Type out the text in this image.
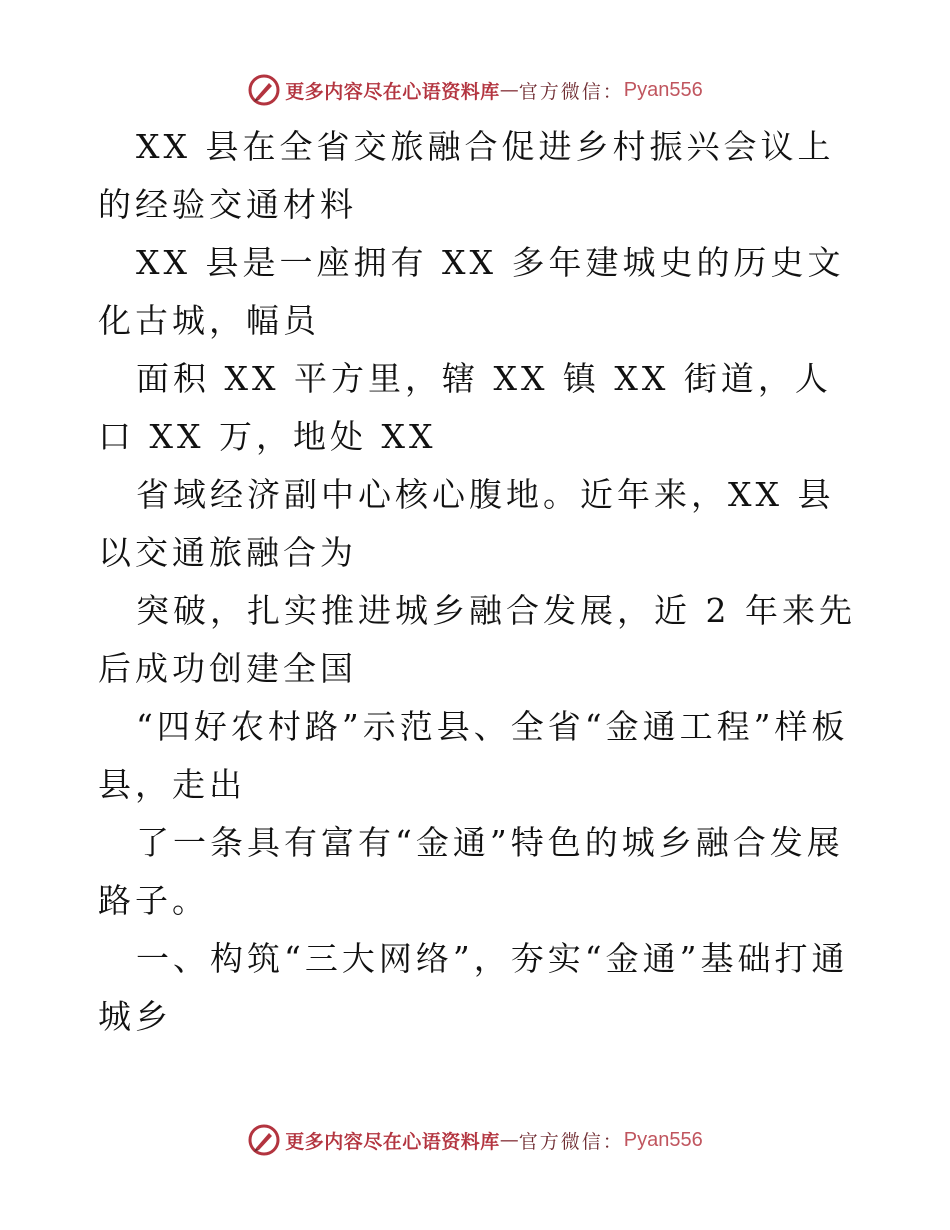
更多内容尽在心语资料库 — 官方微信： Pyan556

XX 县在全省交旅融合促进乡村振兴会议上的经验交通材料

XX 县是一座拥有 XX 多年建城史的历史文化古城，幅员

面积 XX 平方里，辖 XX 镇 XX 街道，人口 XX 万，地处 XX

省域经济副中心核心腹地。近年来，XX 县以交通旅融合为

突破，扎实推进城乡融合发展，近 2 年来先后成功创建全国

“四好农村路”示范县、全省“金通工程”样板县，走出

了一条具有富有“金通”特色的城乡融合发展路子。

一、构筑“三大网络”，夯实“金通”基础打通城乡

更多内容尽在心语资料库 — 官方微信： Pyan556
